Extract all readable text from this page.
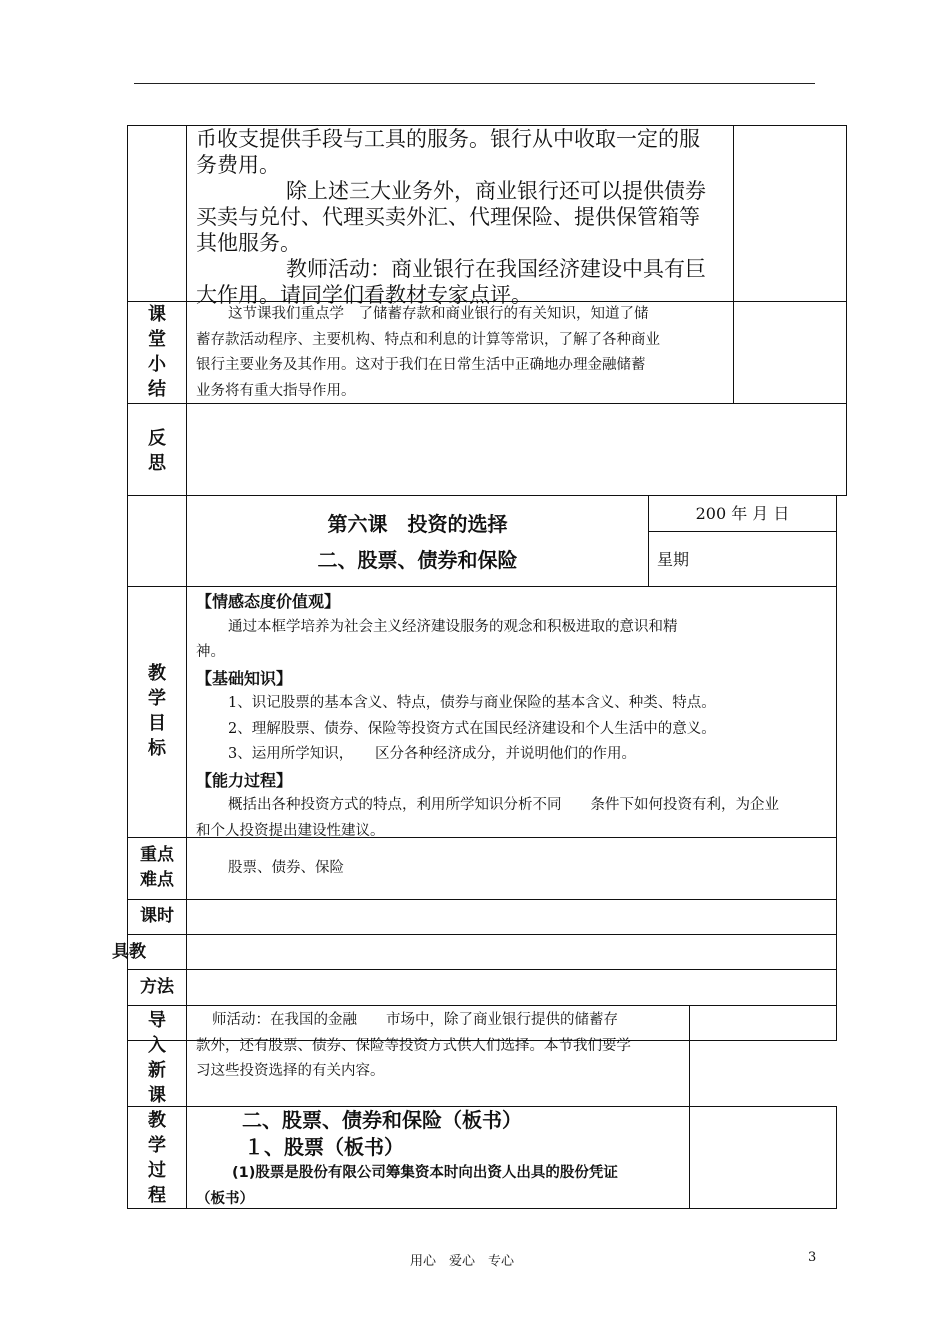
币收支提供手段与工具的服务。银行从中收取一定的服
务费用。
除上述三大业务外，商业银行还可以提供债券
买卖与兑付、代理买卖外汇、代理保险、提供保管箱等
其他服务。
教师活动：商业银行在我国经济建设中具有巨
大作用。请同学们看教材专家点评。
课堂小结
这节课我们重点学　了储蓄存款和商业银行的有关知识，知道了储
蓄存款活动程序、主要机构、特点和利息的计算等常识，了解了各种商业
银行主要业务及其作用。这对于我们在日常生活中正确地办理金融储蓄
业务将有重大指导作用。
反思
第六课　投资的选择
二、股票、债券和保险
200 年 月 日
星期
教学目标
【情感态度价值观】
通过本框学培养为社会主义经济建设服务的观念和积极进取的意识和精
神。
【基础知识】
1、识记股票的基本含义、特点，债券与商业保险的基本含义、种类、特点。
2、理解股票、债券、保险等投资方式在国民经济建设和个人生活中的意义。
3、运用所学知识，　　区分各种经济成分，并说明他们的作用。
【能力过程】
概括出各种投资方式的特点，利用所学知识分析不同　　条件下如何投资有利，为企业
和个人投资提出建设性建议。
重点
难点
股票、债券、保险
课时
具教
方法
导入新课
师活动：在我国的金融　　市场中，除了商业银行提供的储蓄存
款外，还有股票、债券、保险等投资方式供人们选择。本节我们要学
习这些投资选择的有关内容。
教学过程
二、股票、债券和保险（板书）
１、股票（板书）
(1)股票是股份有限公司筹集资本时向出资人出具的股份凭证
（板书）
用心　爱心　专心	3
